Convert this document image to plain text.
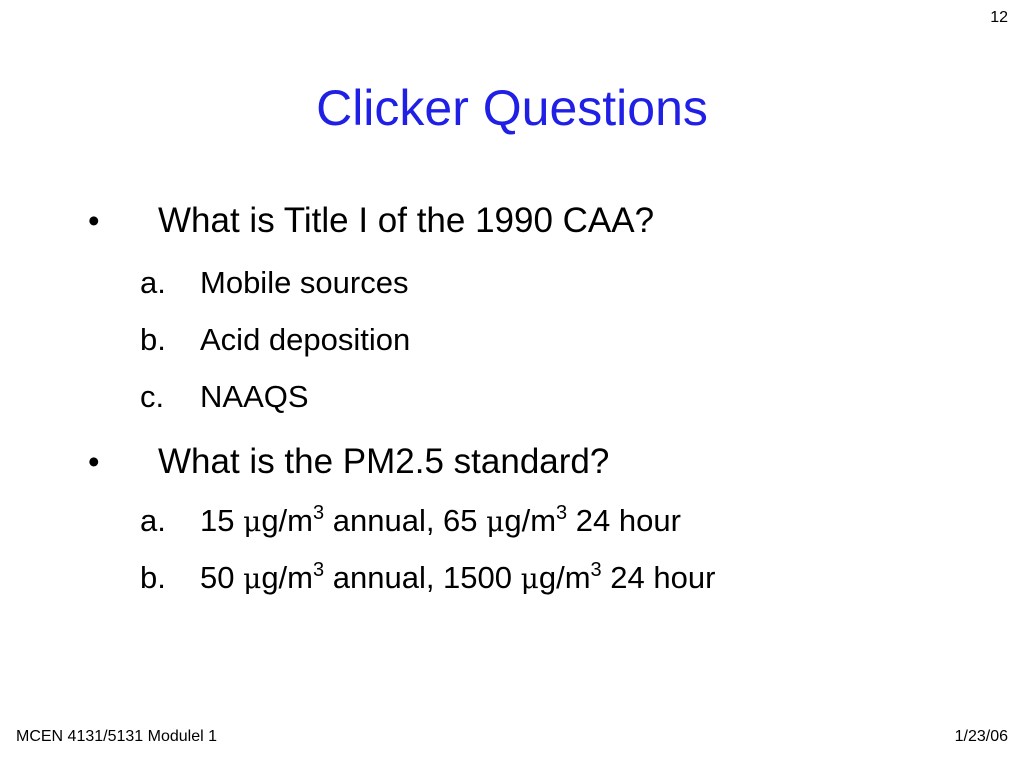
12
Clicker Questions
• What is Title I of the 1990 CAA?
a. Mobile sources
b. Acid deposition
c. NAAQS
• What is the PM2.5 standard?
a. 15 $\mu g/m^3$ annual, 65 $\mu g/m^3$ 24 hour
b. 50 $\mu g/m^3$ annual, 1500 $\mu g/m^3$ 24 hour
MCEN 4131/5131 Modulel 1	1/23/06
